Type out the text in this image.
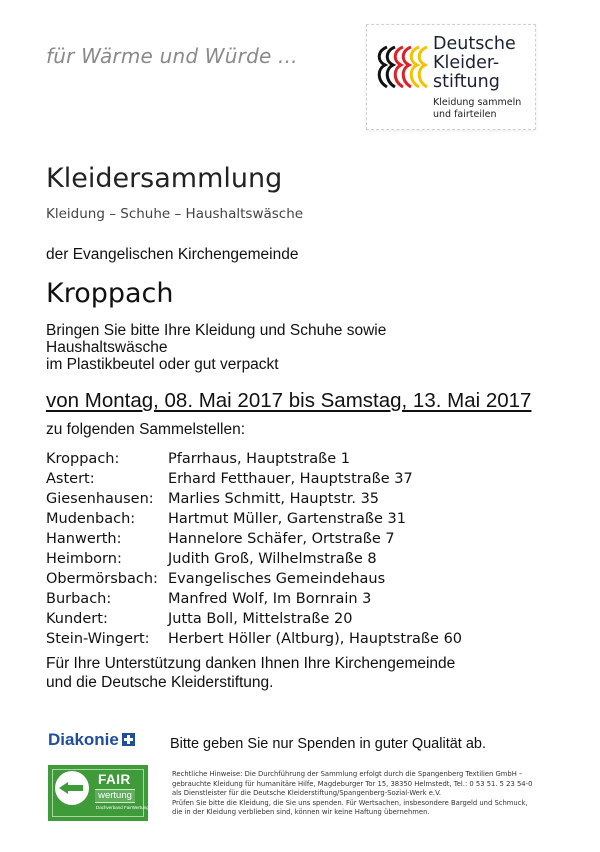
für Wärme und Würde ...	Deutsche
Kleider-
stiftung
Kleidung sammeln
und fairteilen
Kleidersammlung
Kleidung – Schuhe – Haushaltswäsche
der Evangelischen Kirchengemeinde
Kroppach
Bringen Sie bitte Ihre Kleidung und Schuhe sowie
Haushaltswäsche
im Plastikbeutel oder gut verpackt
von Montag, 08. Mai 2017 bis Samstag, 13. Mai 2017
zu folgenden Sammelstellen:
Kroppach:	Pfarrhaus, Hauptstraße 1
Astert:	Erhard Fetthauer, Hauptstraße 37
Giesenhausen: Marlies Schmitt, Hauptstr. 35
Mudenbach:	Hartmut Müller, Gartenstraße 31
Hanwerth:	Hannelore Schäfer, Ortstraße 7
Heimborn:	Judith Groß, Wilhelmstraße 8
Obermörsbach: Evangelisches Gemeindehaus
Burbach:	Manfred Wolf, Im Bornrain 3
Kundert:	Jutta Boll, Mittelstraße 20
Stein-Wingert:	Herbert Höller (Altburg), Hauptstraße 60
Für Ihre Unterstützung danken Ihnen Ihre Kirchengemeinde
und die Deutsche Kleiderstiftung.
Diakonie	Bitte geben Sie nur Spenden in guter Qualität ab.
FAIR
wertung
Dachverband FairWertung e.V.
Rechtliche Hinweise: Die Durchführung der Sammlung erfolgt durch die Spangenberg Textilien GmbH –
gebrauchte Kleidung für humanitäre Hilfe, Magdeburger Tor 15, 38350 Helmstedt, Tel.: 0 53 51. 5 23 54-0
als Dienstleister für die Deutsche Kleiderstiftung/Spangenberg-Sozial-Werk e.V.
Prüfen Sie bitte die Kleidung, die Sie uns spenden. Für Wertsachen, insbesondere Bargeld und Schmuck,
die in der Kleidung verblieben sind, können wir keine Haftung übernehmen.
